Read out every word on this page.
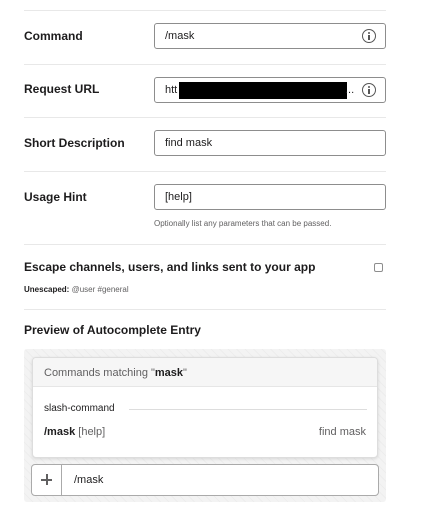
Command	/mask
Request URL	htt	...
Short Description	find mask
Usage Hint	[help]
Optionally list any parameters that can be passed.
Escape channels, users, and links sent to your app
Unescaped: @user #general
Preview of Autocomplete Entry
Commands matching "mask"
slash-command
/mask [help]	find mask
/mask
